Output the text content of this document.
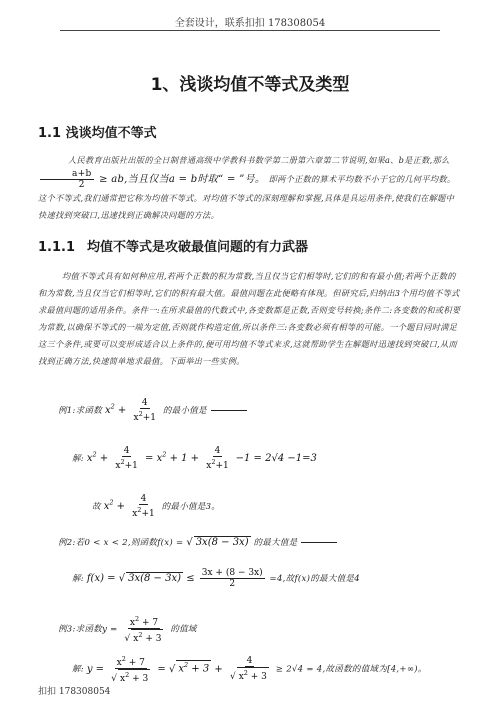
全套设计，联系扣扣 178308054
1、浅谈均值不等式及类型
1.1 浅谈均值不等式
人民教育出版社出版的全日制普通高级中学教科书数学第二册第六章第二节说明,如果a、b是正数,那么
$\frac{a+b}{2}$ ≥ ab,当且仅当a = b时取“ = ”号。 即两个正数的算术平均数不小于它的几何平均数。这个不等式,我们通常把它称为均值不等式。对均值不等式的深刻理解和掌握,具体是具运用条件,使我们在解题中快速找到突破口,迅速找到正确解决问题的方法。
1.1.1 均值不等式是攻破最值问题的有力武器
均值不等式具有如何种应用,若两个正数的积为常数,当且仅当它们相等时,它们的和有最小值;若两个正数的和为常数,当且仅当它们相等时,它们的积有最大值。最值问题在此便略有体现。但研究后,归纳出3个用均值不等式求最值问题的适用条件。条件一:在所求最值的代数式中,各变数都是正数,否则变号转换;条件二:各变数的和或积要为常数,以确保不等式的一端为定值,否则就作构造定值,所以条件三:各变数必须有相等的可能。一个题目同时满足这三个条件,或要可以变形成适合以上条件的,便可用均值不等式来求,这就帮助学生在解题时迅速找到突破口,从而找到正确方法,快速简单地求最值。下面举出一些实例。
例1:求函数 $x^2 + \frac{4}{x^2+1}$ 的最小值是
解: $x^2 + \frac{4}{x^2+1} = x^2 + 1 + \frac{4}{x^2+1} -1 = 2√4 -1=3$
故 $x^2 + \frac{4}{x^2+1}$ 的最小值是3。
例2:若0 < x < 2,则函数f(x) = √ 3x(8 − 3x) 的最大值是
解: f(x) = √ $3x(8 - 3x) \le \frac{3x + (8 - 3x)}{2} =4$,故f(x)的最大值是4
例3:求函数$y = \frac{x^2 + 7}{√ x^2 + 3}$ 的值域
解: $y = \frac{x^2 + 7}{√ x^2 + 3}$ = √ $x^2 + 3 + \frac{4}{√ x^2 + 3} \ge 2√4 = 4$,故函数的值域为[4,+∞)。
扣扣 178308054
